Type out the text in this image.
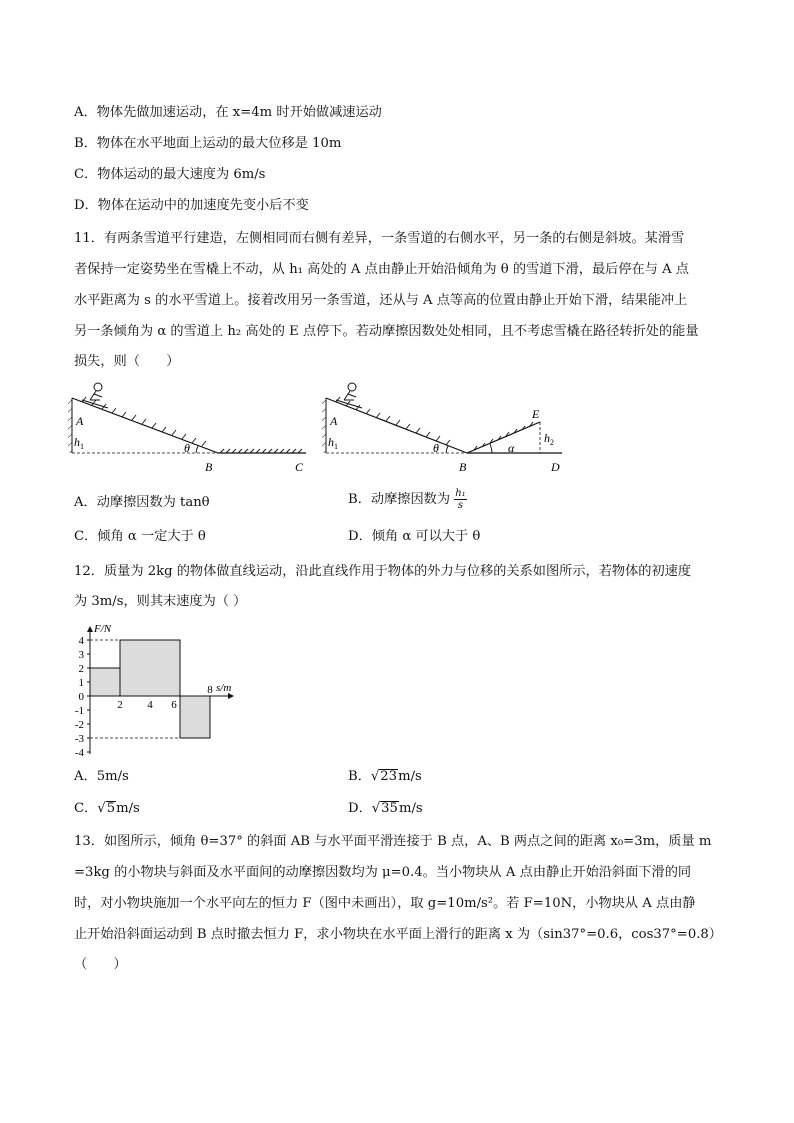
A．物体先做加速运动，在 x=4m 时开始做减速运动
B．物体在水平地面上运动的最大位移是 10m
C．物体运动的最大速度为 6m/s
D．物体在运动中的加速度先变小后不变
11．有两条雪道平行建造，左侧相同而右侧有差异，一条雪道的右侧水平，另一条的右侧是斜坡。某滑雪
者保持一定姿势坐在雪橇上不动，从 h₁ 高处的 A 点由静止开始沿倾角为 θ 的雪道下滑，最后停在与 A 点
水平距离为 s 的水平雪道上。接着改用另一条雪道，还从与 A 点等高的位置由静止开始下滑，结果能冲上
另一条倾角为 α 的雪道上 h₂ 高处的 E 点停下。若动摩擦因数处处相同，且不考虑雪橇在路径转折处的能量
损失，则（　　）
A
$h_1$	θ
B	C
A
$h_1$	θ
B
E
α
$h_2$
D
A．动摩擦因数为 tanθ	B．动摩擦因数为 $\frac{\text{h₁}}{s}$
C．倾角 α 一定大于 θ	D．倾角 α 可以大于 θ
12．质量为 2kg 的物体做直线运动，沿此直线作用于物体的外力与位移的关系如图所示，若物体的初速度
为 3m/s，则其末速度为（ ）
4
3
2
1
0
-1
-2
-3
-4
2 4 6
8
F/N
s/m
A．5m/s	B．√23m/s
C．√5m/s	D．√35m/s
13．如图所示，倾角 θ=37° 的斜面 AB 与水平面平滑连接于 B 点，A、B 两点之间的距离 x₀=3m，质量 m
=3kg 的小物块与斜面及水平面间的动摩擦因数均为 μ=0.4。当小物块从 A 点由静止开始沿斜面下滑的同
时，对小物块施加一个水平向左的恒力 F（图中未画出），取 g=10m/s²。若 F=10N，小物块从 A 点由静
止开始沿斜面运动到 B 点时撤去恒力 F，求小物块在水平面上滑行的距离 x 为（sin37°=0.6，cos37°=0.8）
（　　）
